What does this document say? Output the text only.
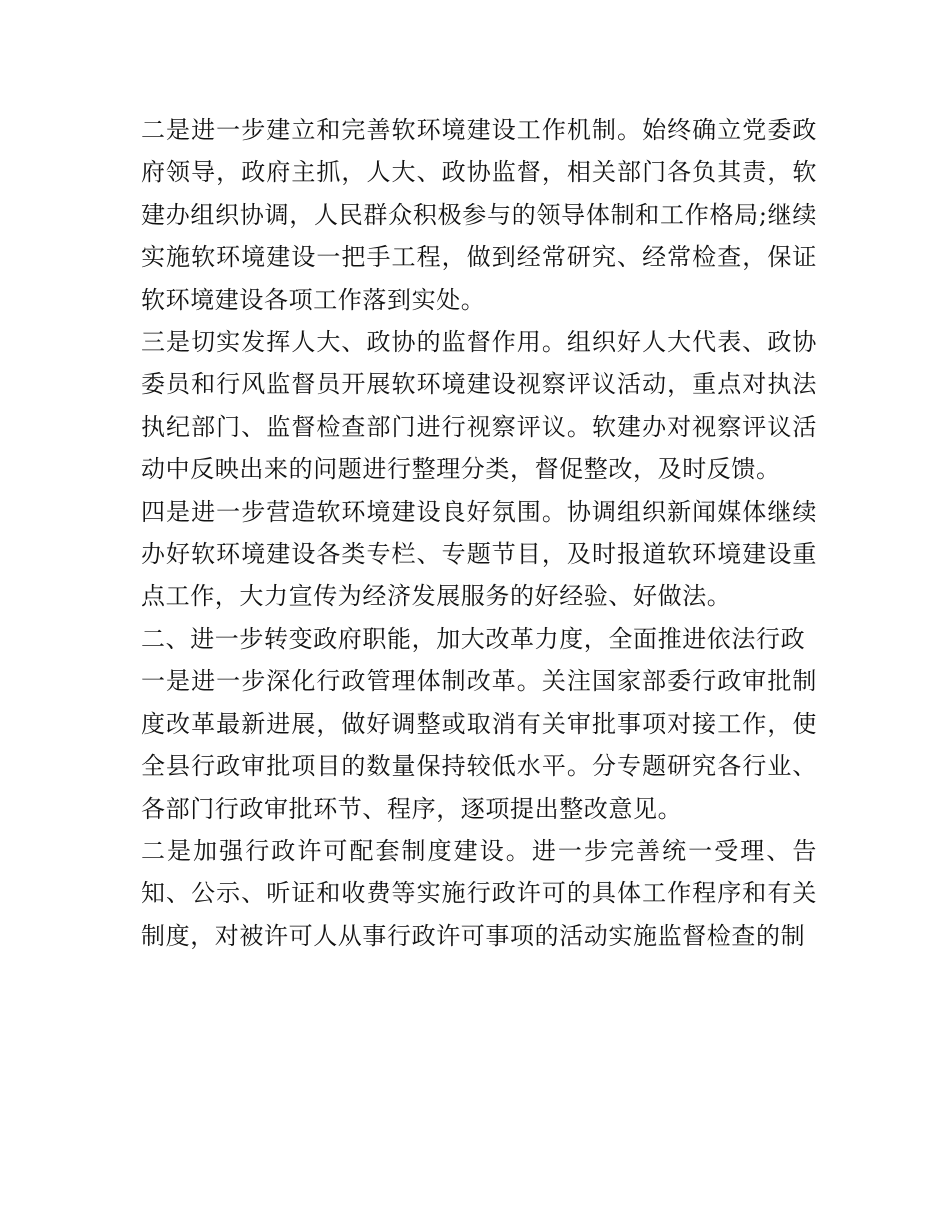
二是进一步建立和完善软环境建设工作机制。始终确立党委政府领导，政府主抓，人大、政协监督，相关部门各负其责，软建办组织协调，人民群众积极参与的领导体制和工作格局;继续实施软环境建设一把手工程，做到经常研究、经常检查，保证软环境建设各项工作落到实处。

三是切实发挥人大、政协的监督作用。组织好人大代表、政协委员和行风监督员开展软环境建设视察评议活动，重点对执法执纪部门、监督检查部门进行视察评议。软建办对视察评议活动中反映出来的问题进行整理分类，督促整改，及时反馈。

四是进一步营造软环境建设良好氛围。协调组织新闻媒体继续办好软环境建设各类专栏、专题节目，及时报道软环境建设重点工作，大力宣传为经济发展服务的好经验、好做法。

二、进一步转变政府职能，加大改革力度，全面推进依法行政

一是进一步深化行政管理体制改革。关注国家部委行政审批制度改革最新进展，做好调整或取消有关审批事项对接工作，使全县行政审批项目的数量保持较低水平。分专题研究各行业、各部门行政审批环节、程序，逐项提出整改意见。

二是加强行政许可配套制度建设。进一步完善统一受理、告知、公示、听证和收费等实施行政许可的具体工作程序和有关制度，对被许可人从事行政许可事项的活动实施监督检查的制
